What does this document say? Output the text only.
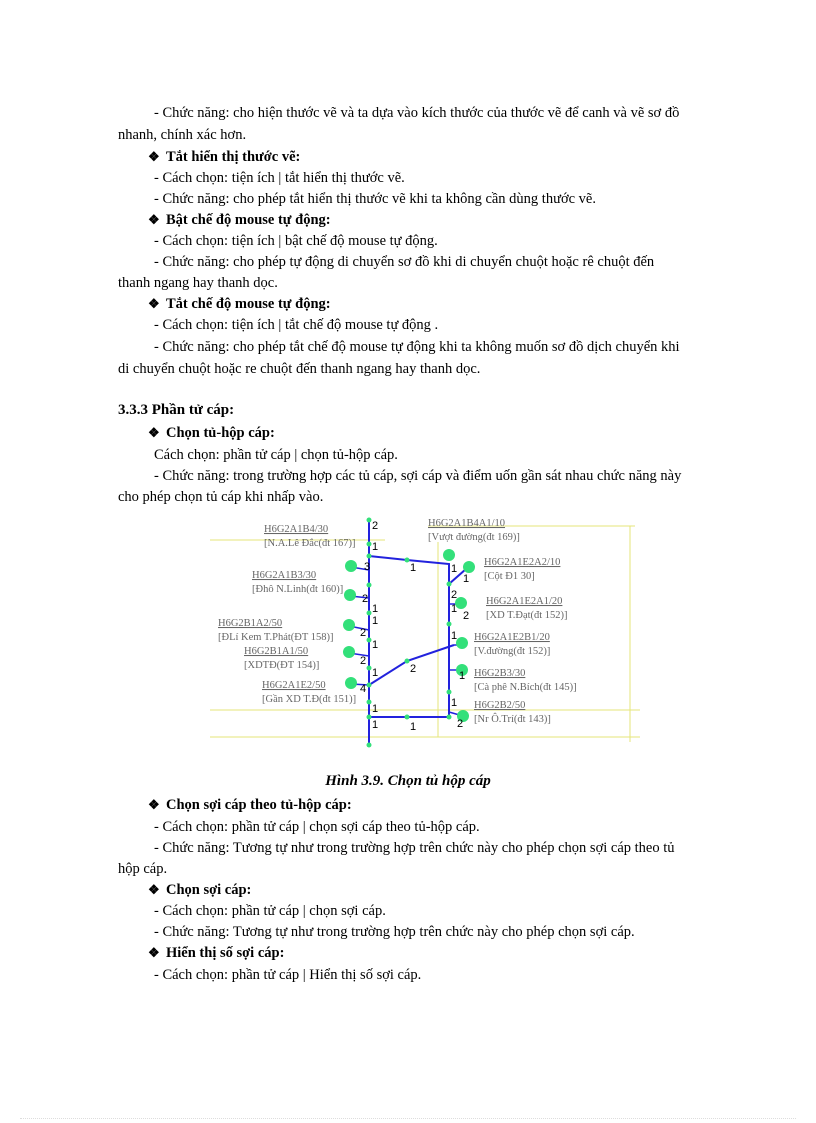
- Chức năng: cho hiện thước vẽ và ta dựa vào kích thước của thước vẽ để canh và vẽ sơ đồ
nhanh, chính xác hơn.
❖ Tắt hiển thị thước vẽ:
- Cách chọn: tiện ích | tắt hiển thị thước vẽ.
- Chức năng: cho phép tắt hiển thị thước vẽ khi ta không cần dùng thước vẽ.
❖ Bật chế độ mouse tự động:
- Cách chọn: tiện ích | bật chế độ mouse tự động.
- Chức năng: cho phép tự động di chuyển sơ đồ khi di chuyển chuột hoặc rê chuột đến
thanh ngang hay thanh dọc.
❖ Tắt chế độ mouse tự động:
- Cách chọn: tiện ích | tắt chế độ mouse tự động .
- Chức năng: cho phép tắt chế độ mouse tự động khi ta không muốn sơ đồ dịch chuyển khi
di chuyển chuột hoặc re chuột đến thanh ngang hay thanh dọc.
3.3.3 Phần tử cáp:
❖ Chọn tủ-hộp cáp:
Cách chọn: phần tử cáp | chọn tủ-hộp cáp.
- Chức năng: trong trường hợp các tủ cáp, sợi cáp và điểm uốn gần sát nhau chức năng này
cho phép chọn tủ cáp khi nhấp vào.
H6G2A1B4/30
[N.A.Lê Đắc(đt 167)]
H6G2A1B3/30
[Đhô N.Linh(đt 160)]
H6G2B1A2/50
[ĐLí Kem T.Phát(ĐT 158)]
H6G2B1A1/50
[XDTĐ(ĐT 154)]
H6G2A1E2/50
[Gần XD T.Đ(đt 151)]
H6G2A1B4A1/10
[Vượt đường(đt 169)]
H6G2A1E2A2/10
[Cột Đ1 30]
H6G2A1E2A1/20
[XD T.Đạt(đt 152)]
H6G2A1E2B1/20
[V.đường(đt 152)]
H6G2B3/30
[Cà phê N.Bích(đt 145)]
H6G2B2/50
[Nr Ô.Trí(đt 143)]
2
1
3
2
1
1
2
1
2
1
4
1
1
1	1
2
1
1
2
1
1
1
1
2
2
Hình 3.9. Chọn tủ hộp cáp
❖ Chọn sợi cáp theo tủ-hộp cáp:
- Cách chọn: phần tử cáp | chọn sợi cáp theo tủ-hộp cáp.
- Chức năng: Tương tự như trong trường hợp trên chức này cho phép chọn sợi cáp theo tủ
hộp cáp.
❖ Chọn sợi cáp:
- Cách chọn: phần tử cáp | chọn sợi cáp.
- Chức năng: Tương tự như trong trường hợp trên chức này cho phép chọn sợi cáp.
❖ Hiển thị số sợi cáp:
- Cách chọn: phần tử cáp | Hiển thị số sợi cáp.
